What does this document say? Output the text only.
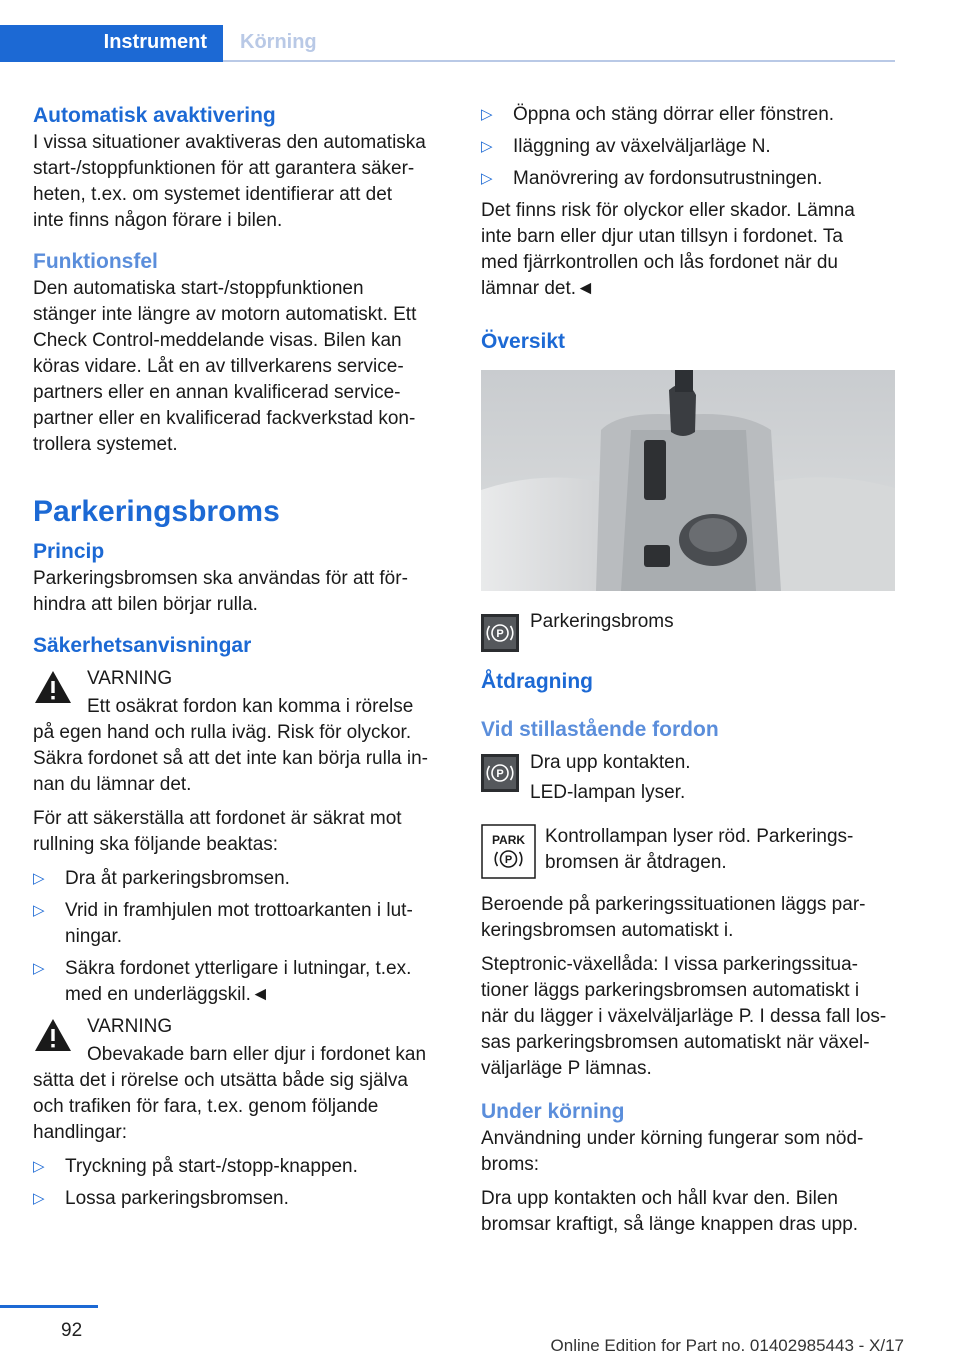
Instrument Körning
Automatisk avaktivering

I vissa situationer avaktiveras den automatiska
start-/stoppfunktionen för att garantera säker-
heten, t.ex. om systemet identifierar att det
inte finns någon förare i bilen.

Funktionsfel

Den automatiska start-/stoppfunktionen
stänger inte längre av motorn automatiskt. Ett
Check Control-meddelande visas. Bilen kan
köras vidare. Låt en av tillverkarens service-
partners eller en annan kvalificerad service-
partner eller en kvalificerad fackverkstad kon-
trollera systemet.

Parkeringsbroms
Princip

Parkeringsbromsen ska användas för att för-
hindra att bilen börjar rulla.

Säkerhetsanvisningar

VARNING

Ett osäkrat fordon kan komma i rörelse

på egen hand och rulla iväg. Risk för olyckor.
Säkra fordonet så att det inte kan börja rulla in-
nan du lämnar det.

För att säkerställa att fordonet är säkrat mot
rullning ska följande beaktas:

▷ Dra åt parkeringsbromsen.
▷ Vrid in framhjulen mot trottoarkanten i lut-
ningar.
▷ Säkra fordonet ytterligare i lutningar, t.ex.
med en underläggskil.◄

VARNING

Obevakade barn eller djur i fordonet kan

sätta det i rörelse och utsätta både sig själva
och trafiken för fara, t.ex. genom följande
handlingar:

▷ Tryckning på start-/stopp-knappen.
▷ Lossa parkeringsbromsen.
▷ Öppna och stäng dörrar eller fönstren.
▷ Iläggning av växelväljarläge N.
▷ Manövrering av fordonsutrustningen.

Det finns risk för olyckor eller skador. Lämna
inte barn eller djur utan tillsyn i fordonet. Ta
med fjärrkontrollen och lås fordonet när du
lämnar det.◄

Översikt
P
Parkeringsbroms
Åtdragning
Vid stillastående fordon
P

Dra upp kontakten.

LED-lampan lyser.

PARK
P

Kontrollampan lyser röd. Parkerings-
bromsen är åtdragen.

Beroende på parkeringssituationen läggs par-
keringsbromsen automatiskt i.

Steptronic-växellåda: I vissa parkeringssitua-
tioner läggs parkeringsbromsen automatiskt i
när du lägger i växelväljarläge P. I dessa fall los-
sas parkeringsbromsen automatiskt när växel-
väljarläge P lämnas.

Under körning

Användning under körning fungerar som nöd-
broms:

Dra upp kontakten och håll kvar den. Bilen
bromsar kraftigt, så länge knappen dras upp.

92
Online Edition for Part no. 01402985443 - X/17
